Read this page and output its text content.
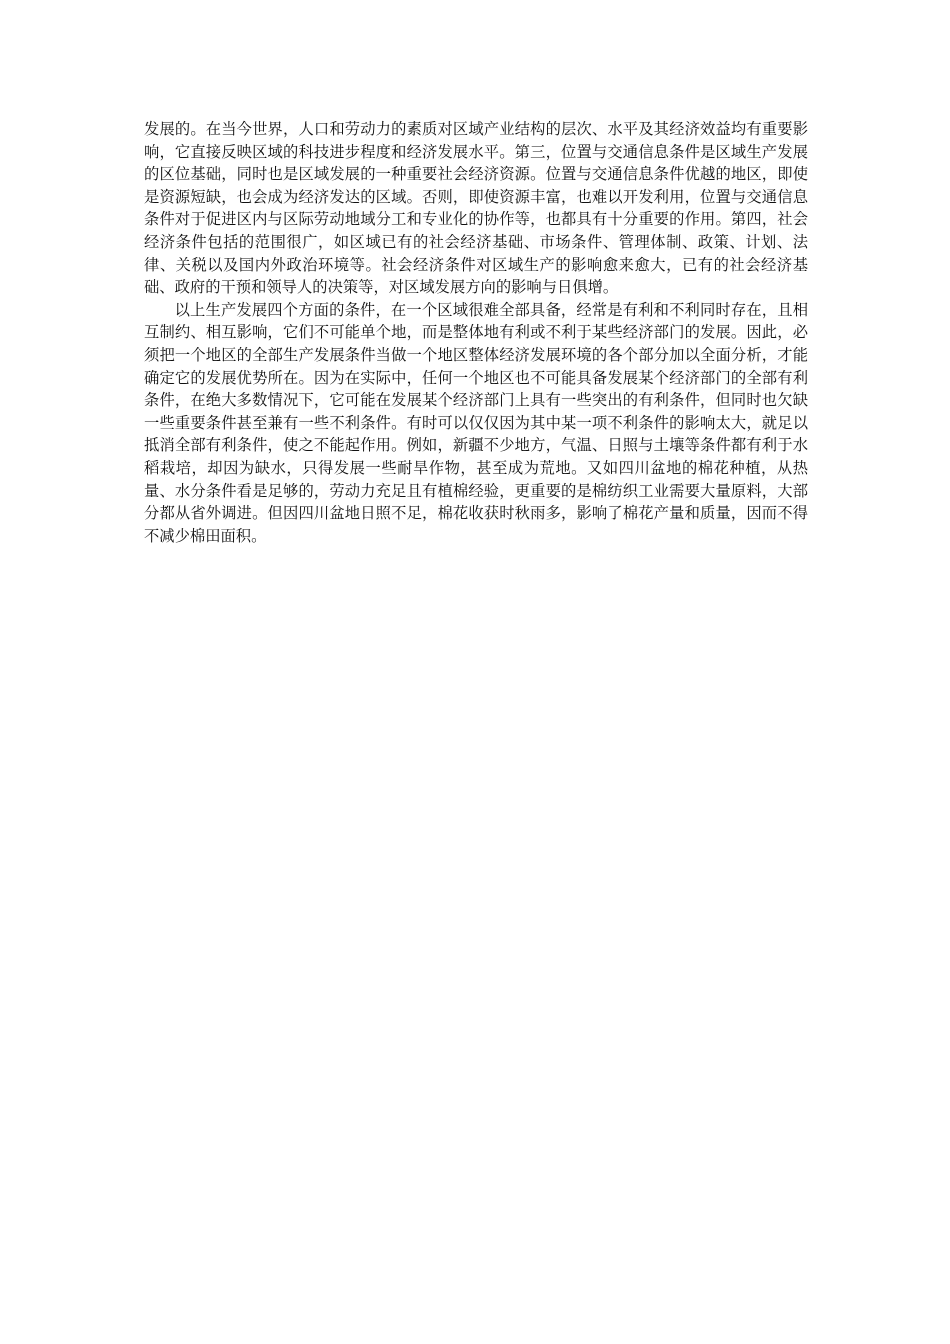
发展的。在当今世界，人口和劳动力的素质对区域产业结构的层次、水平及其经济效益均有重要影响，它直接反映区域的科技进步程度和经济发展水平。第三，位置与交通信息条件是区域生产发展的区位基础，同时也是区域发展的一种重要社会经济资源。位置与交通信息条件优越的地区，即使是资源短缺，也会成为经济发达的区域。否则，即使资源丰富，也难以开发利用，位置与交通信息条件对于促进区内与区际劳动地域分工和专业化的协作等，也都具有十分重要的作用。第四，社会经济条件包括的范围很广，如区域已有的社会经济基础、市场条件、管理体制、政策、计划、法律、关税以及国内外政治环境等。社会经济条件对区域生产的影响愈来愈大，已有的社会经济基础、政府的干预和领导人的决策等，对区域发展方向的影响与日俱增。

以上生产发展四个方面的条件，在一个区域很难全部具备，经常是有利和不利同时存在，且相互制约、相互影响，它们不可能单个地，而是整体地有利或不利于某些经济部门的发展。因此，必须把一个地区的全部生产发展条件当做一个地区整体经济发展环境的各个部分加以全面分析，才能确定它的发展优势所在。因为在实际中，任何一个地区也不可能具备发展某个经济部门的全部有利条件，在绝大多数情况下，它可能在发展某个经济部门上具有一些突出的有利条件，但同时也欠缺一些重要条件甚至兼有一些不利条件。有时可以仅仅因为其中某一项不利条件的影响太大，就足以抵消全部有利条件，使之不能起作用。例如，新疆不少地方，气温、日照与土壤等条件都有利于水稻栽培，却因为缺水，只得发展一些耐旱作物，甚至成为荒地。又如四川盆地的棉花种植，从热量、水分条件看是足够的，劳动力充足且有植棉经验，更重要的是棉纺织工业需要大量原料，大部分都从省外调进。但因四川盆地日照不足，棉花收获时秋雨多，影响了棉花产量和质量，因而不得不减少棉田面积。
